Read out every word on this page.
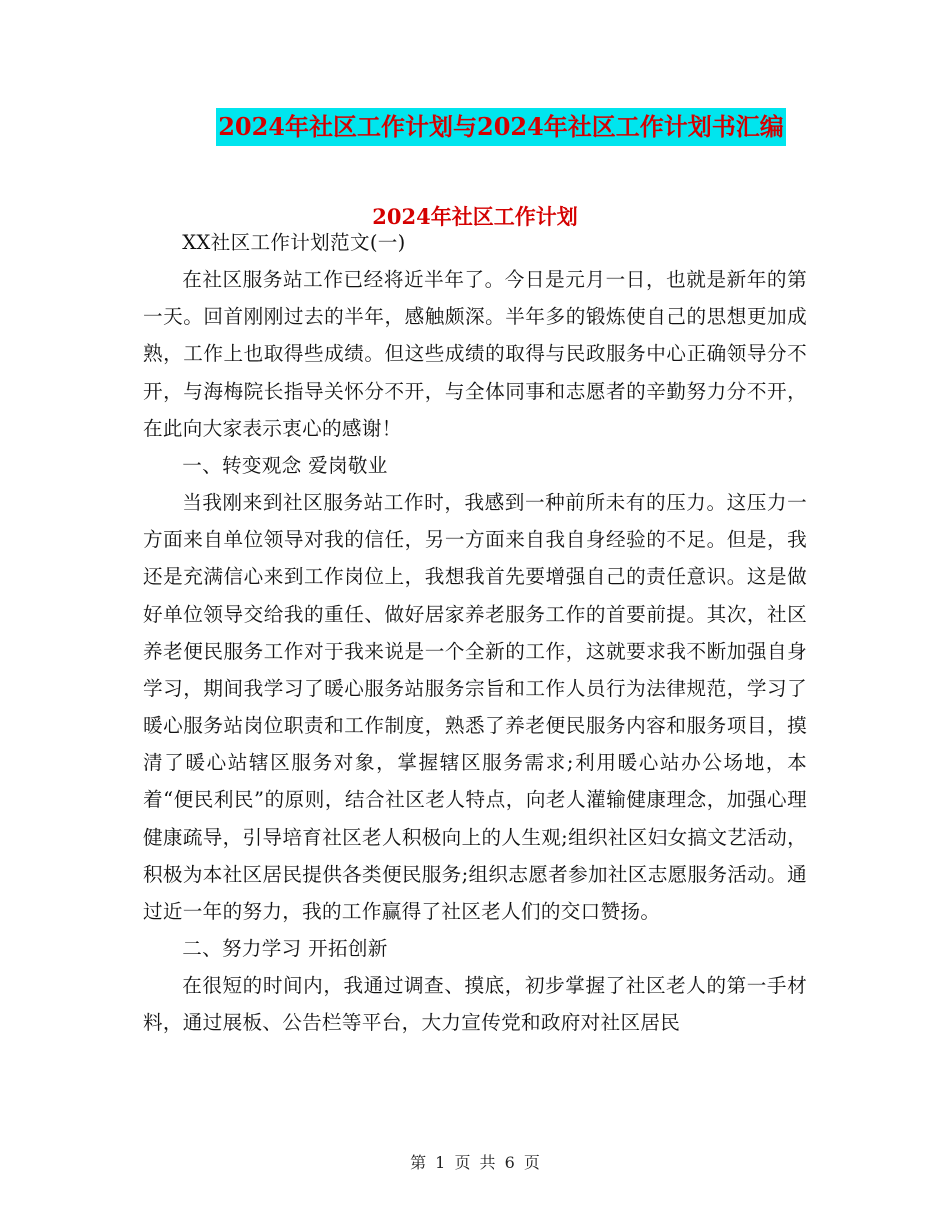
2024年社区工作计划与2024年社区工作计划书汇编
2024年社区工作计划

XX社区工作计划范文(一)

在社区服务站工作已经将近半年了。今日是元月一日，也就是新年的第一天。回首刚刚过去的半年，感触颇深。半年多的锻炼使自己的思想更加成熟，工作上也取得些成绩。但这些成绩的取得与民政服务中心正确领导分不开，与海梅院长指导关怀分不开，与全体同事和志愿者的辛勤努力分不开，在此向大家表示衷心的感谢！

一、转变观念 爱岗敬业

当我刚来到社区服务站工作时，我感到一种前所未有的压力。这压力一方面来自单位领导对我的信任，另一方面来自我自身经验的不足。但是，我还是充满信心来到工作岗位上，我想我首先要增强自己的责任意识。这是做好单位领导交给我的重任、做好居家养老服务工作的首要前提。其次，社区养老便民服务工作对于我来说是一个全新的工作，这就要求我不断加强自身学习，期间我学习了暖心服务站服务宗旨和工作人员行为法律规范，学习了暖心服务站岗位职责和工作制度，熟悉了养老便民服务内容和服务项目，摸清了暖心站辖区服务对象，掌握辖区服务需求;利用暖心站办公场地，本着“便民利民”的原则，结合社区老人特点，向老人灌输健康理念，加强心理健康疏导，引导培育社区老人积极向上的人生观;组织社区妇女搞文艺活动，积极为本社区居民提供各类便民服务;组织志愿者参加社区志愿服务活动。通过近一年的努力，我的工作赢得了社区老人们的交口赞扬。

二、努力学习 开拓创新

在很短的时间内，我通过调查、摸底，初步掌握了社区老人的第一手材料，通过展板、公告栏等平台，大力宣传党和政府对社区居民

第 1 页 共 6 页
